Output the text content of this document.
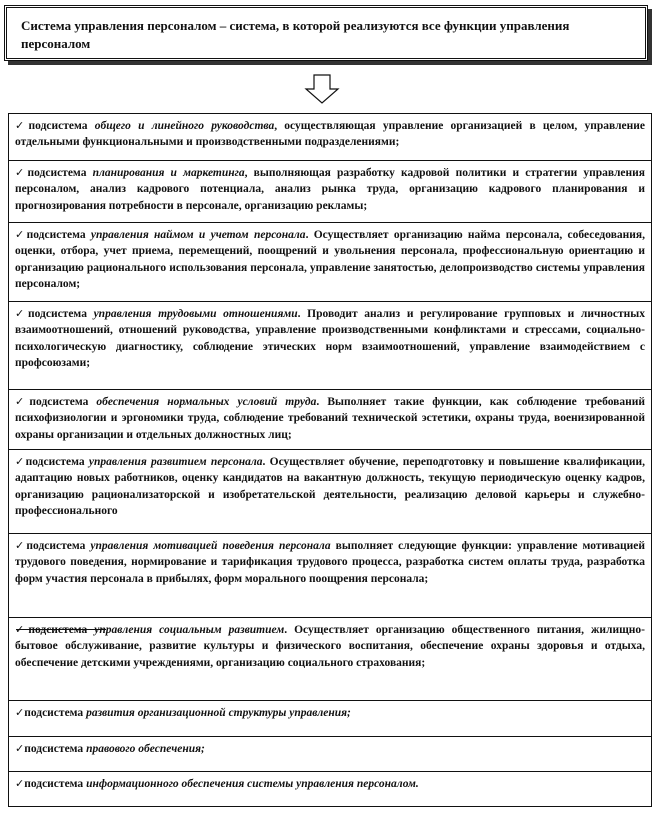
Система управления персоналом – система, в которой реализуются все функции управления персоналом
✓подсистема общего и линейного руководства, осуществляющая управление организацией в целом, управление отдельными функциональными и производственными подразделениями;
✓подсистема планирования и маркетинга, выполняющая разработку кадровой политики и стратегии управления персоналом, анализ кадрового потенциала, анализ рынка труда, организацию кадрового планирования и прогнозирования потребности в персонале, организацию рекламы;
✓подсистема управления наймом и учетом персонала. Осуществляет организацию найма персонала, собеседования, оценки, отбора, учет приема, перемещений, поощрений и увольнения персонала, профессиональную ориентацию и организацию рационального использования персонала, управление занятостью, делопроизводство системы управления персоналом;
✓подсистема управления трудовыми отношениями. Проводит анализ и регулирование групповых и личностных взаимоотношений, отношений руководства, управление производственными конфликтами и стрессами, социально-психологическую диагностику, соблюдение этических норм взаимоотношений, управление взаимодействием с профсоюзами;
✓подсистема обеспечения нормальных условий труда. Выполняет такие функции, как соблюдение требований психофизиологии и эргономики труда, соблюдение требований технической эстетики, охраны труда, военизированной охраны организации и отдельных должностных лиц;
✓подсистема управления развитием персонала. Осуществляет обучение, переподготовку и повышение квалификации, адаптацию новых работников, оценку кандидатов на вакантную должность, текущую периодическую оценку кадров, организацию рационализаторской и изобретательской деятельности, реализацию деловой карьеры и служебно-профессионального
✓подсистема управления мотивацией поведения персонала выполняет следующие функции: управление мотивацией трудового поведения, нормирование и тарификация трудового процесса, разработка систем оплаты труда, разработка форм участия персонала в прибылях, форм морального поощрения персонала;
✓подсистема управления социальным развитием. Осуществляет организацию общественного питания, жилищно-бытовое обслуживание, развитие культуры и физического воспитания, обеспечение охраны здоровья и отдыха, обеспечение детскими учреждениями, организацию социального страхования;
✓подсистема развития организационной структуры управления;
✓подсистема правового обеспечения;
✓подсистема информационного обеспечения системы управления персоналом.
